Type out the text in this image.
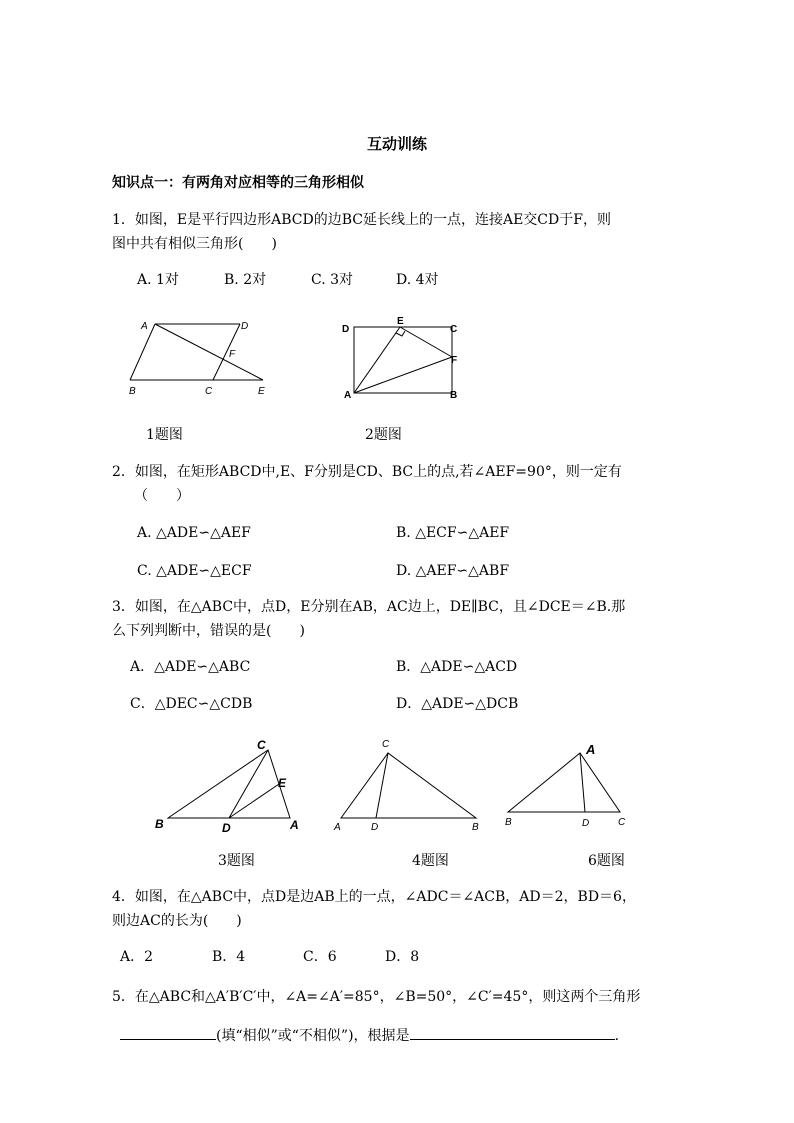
互动训练
知识点一：有两角对应相等的三角形相似
1．如图，E是平行四边形ABCD的边BC延长线上的一点，连接AE交CD于F，则
图中共有相似三角形(　　)
A. 1对	B. 2对	C. 3对	D. 4对
A	D
F
B	C	E
D
E
C
F
A	B
1题图	2题图
2．如图，在矩形ABCD中,E、F分别是CD、BC上的点,若∠AEF=90°，则一定有
（　　）
A. △ADE∽△AEF	B. △ECF∽△AEF
C. △ADE∽△ECF	D. △AEF∽△ABF
3．如图，在△ABC中，点D，E分别在AB，AC边上，DE∥BC，且∠DCE＝∠B.那
么下列判断中，错误的是(　　)
A．△ADE∽△ABC	B．△ADE∽△ACD
C．△DEC∽△CDB	D．△ADE∽△DCB
C
E
B	D	A
C
A	D	B
A
B	D	C
3题图	4题图	6题图
4．如图，在△ABC中，点D是边AB上的一点，∠ADC＝∠ACB，AD＝2，BD＝6，
则边AC的长为(　　)
A．2	B．4	C．6	D．8
5．在△ABC和△A′B′C′中，∠A=∠A′=85°，∠B=50°，∠C′=45°，则这两个三角形
(填“相似”或“不相似”)，根据是	.
